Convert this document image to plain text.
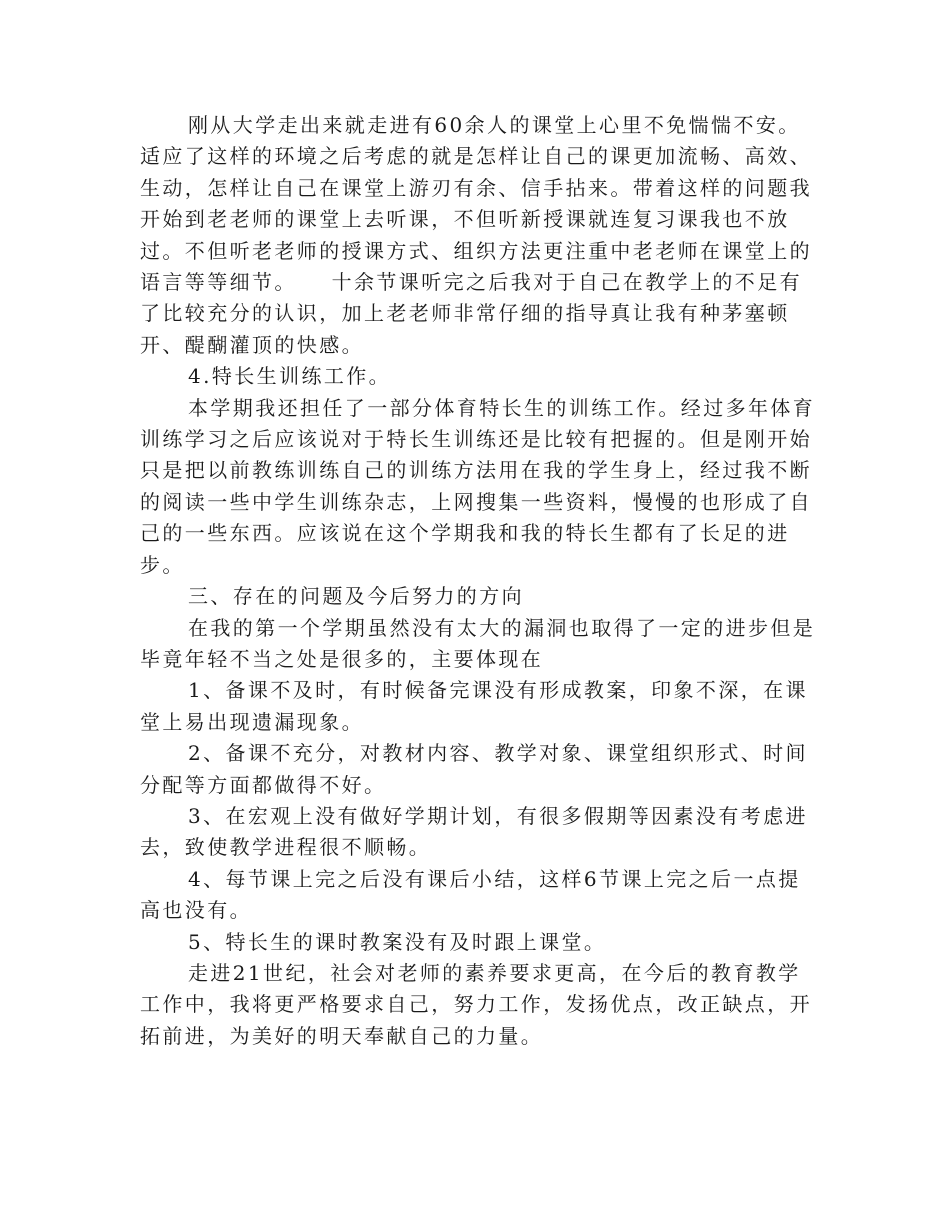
刚从大学走出来就走进有60余人的课堂上心里不免惴惴不安。适应了这样的环境之后考虑的就是怎样让自己的课更加流畅、高效、生动，怎样让自己在课堂上游刃有余、信手拈来。带着这样的问题我开始到老老师的课堂上去听课，不但听新授课就连复习课我也不放过。不但听老老师的授课方式、组织方法更注重中老老师在课堂上的语言等等细节。　　十余节课听完之后我对于自己在教学上的不足有了比较充分的认识，加上老老师非常仔细的指导真让我有种茅塞顿开、醍醐灌顶的快感。

4.特长生训练工作。

本学期我还担任了一部分体育特长生的训练工作。经过多年体育训练学习之后应该说对于特长生训练还是比较有把握的。但是刚开始只是把以前教练训练自己的训练方法用在我的学生身上，经过我不断的阅读一些中学生训练杂志，上网搜集一些资料，慢慢的也形成了自己的一些东西。应该说在这个学期我和我的特长生都有了长足的进步。

三、存在的问题及今后努力的方向

在我的第一个学期虽然没有太大的漏洞也取得了一定的进步但是毕竟年轻不当之处是很多的，主要体现在

1、备课不及时，有时候备完课没有形成教案，印象不深，在课堂上易出现遗漏现象。

2、备课不充分，对教材内容、教学对象、课堂组织形式、时间分配等方面都做得不好。

3、在宏观上没有做好学期计划，有很多假期等因素没有考虑进去，致使教学进程很不顺畅。

4、每节课上完之后没有课后小结，这样6节课上完之后一点提高也没有。

5、特长生的课时教案没有及时跟上课堂。

走进21世纪，社会对老师的素养要求更高，在今后的教育教学工作中，我将更严格要求自己，努力工作，发扬优点，改正缺点，开拓前进，为美好的明天奉献自己的力量。
